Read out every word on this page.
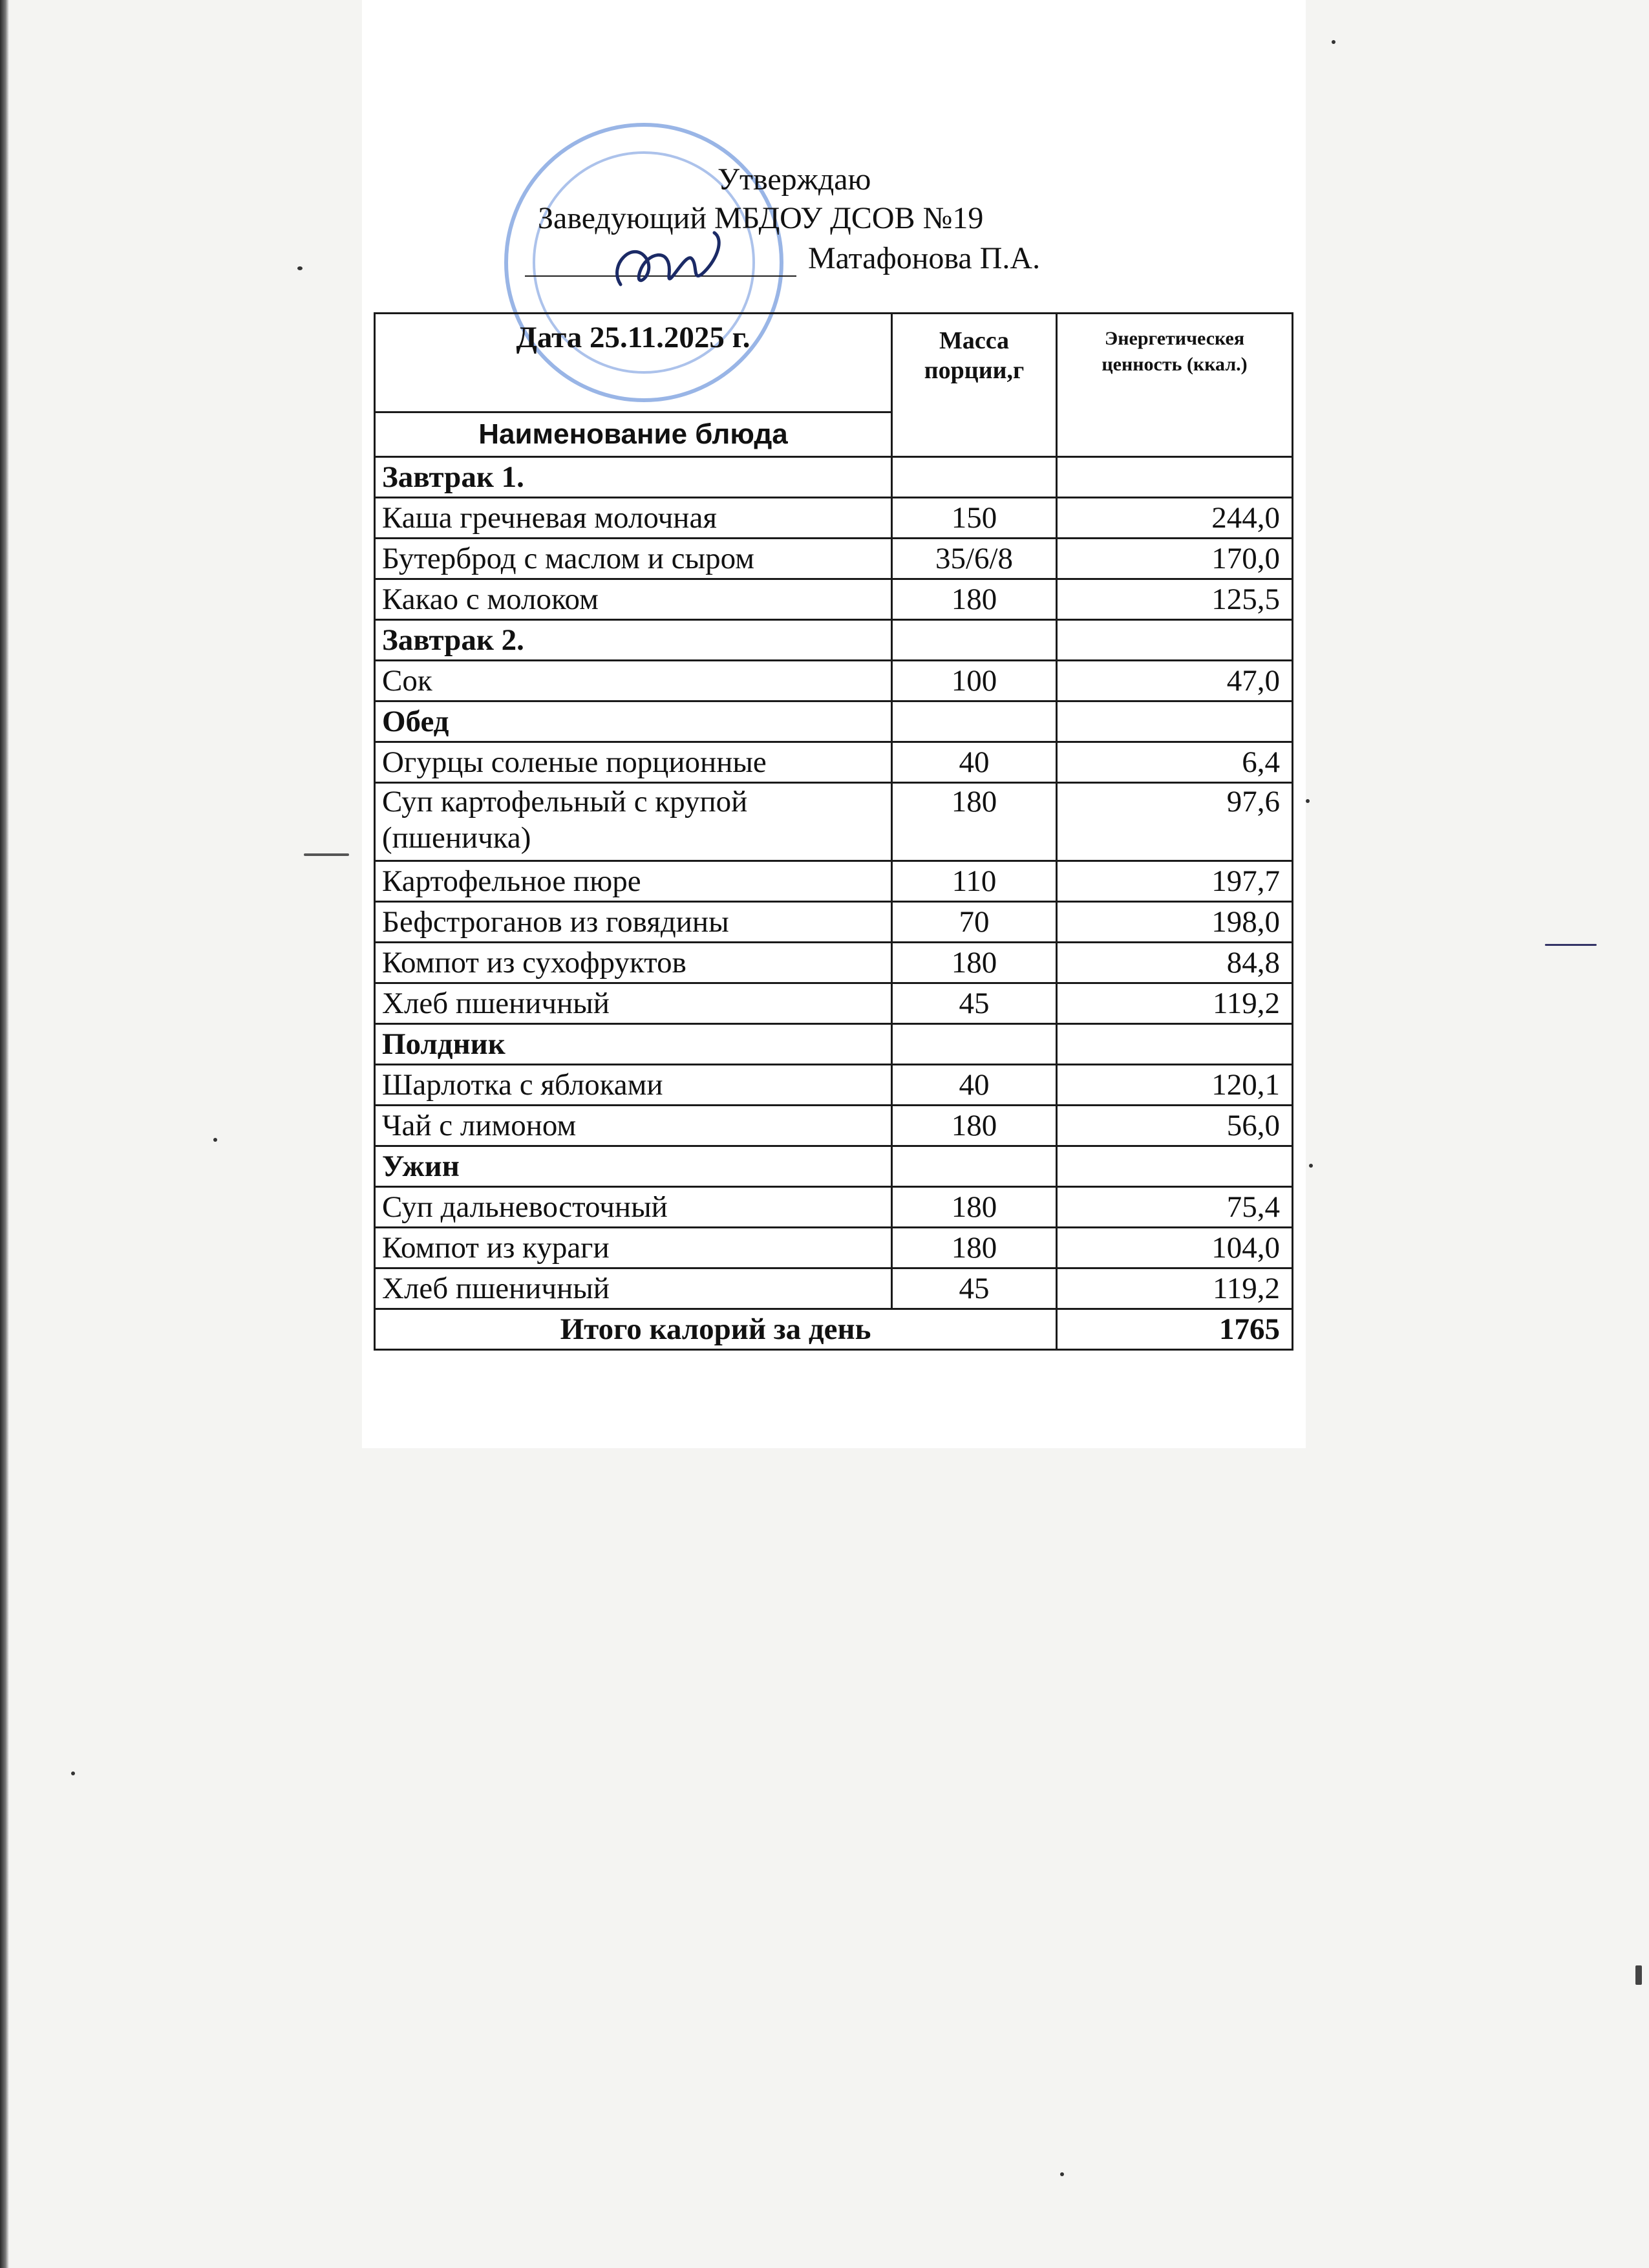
Утверждаю
Заведующий МБДОУ ДСОВ №19
Матафонова П.А.
Дата 25.11.2025 г.	Масса порции,г	Энергетическея ценность (ккал.)
Наименование блюда		
Завтрак 1.		
Каша гречневая молочная	150	244,0
Бутерброд с маслом и сыром	35/6/8	170,0
Какао с молоком	180	125,5
Завтрак 2.		
Сок	100	47,0
Обед		
Огурцы соленые порционные	40	6,4
Суп картофельный с крупой (пшеничка)	180	97,6
Картофельное пюре	110	197,7
Бефстроганов из говядины	70	198,0
Компот из сухофруктов	180	84,8
Хлеб пшеничный	45	119,2
Полдник		
Шарлотка с яблоками	40	120,1
Чай с лимоном	180	56,0
Ужин		
Суп дальневосточный	180	75,4
Компот из кураги	180	104,0
Хлеб пшеничный	45	119,2
Итого калорий за день		1765
